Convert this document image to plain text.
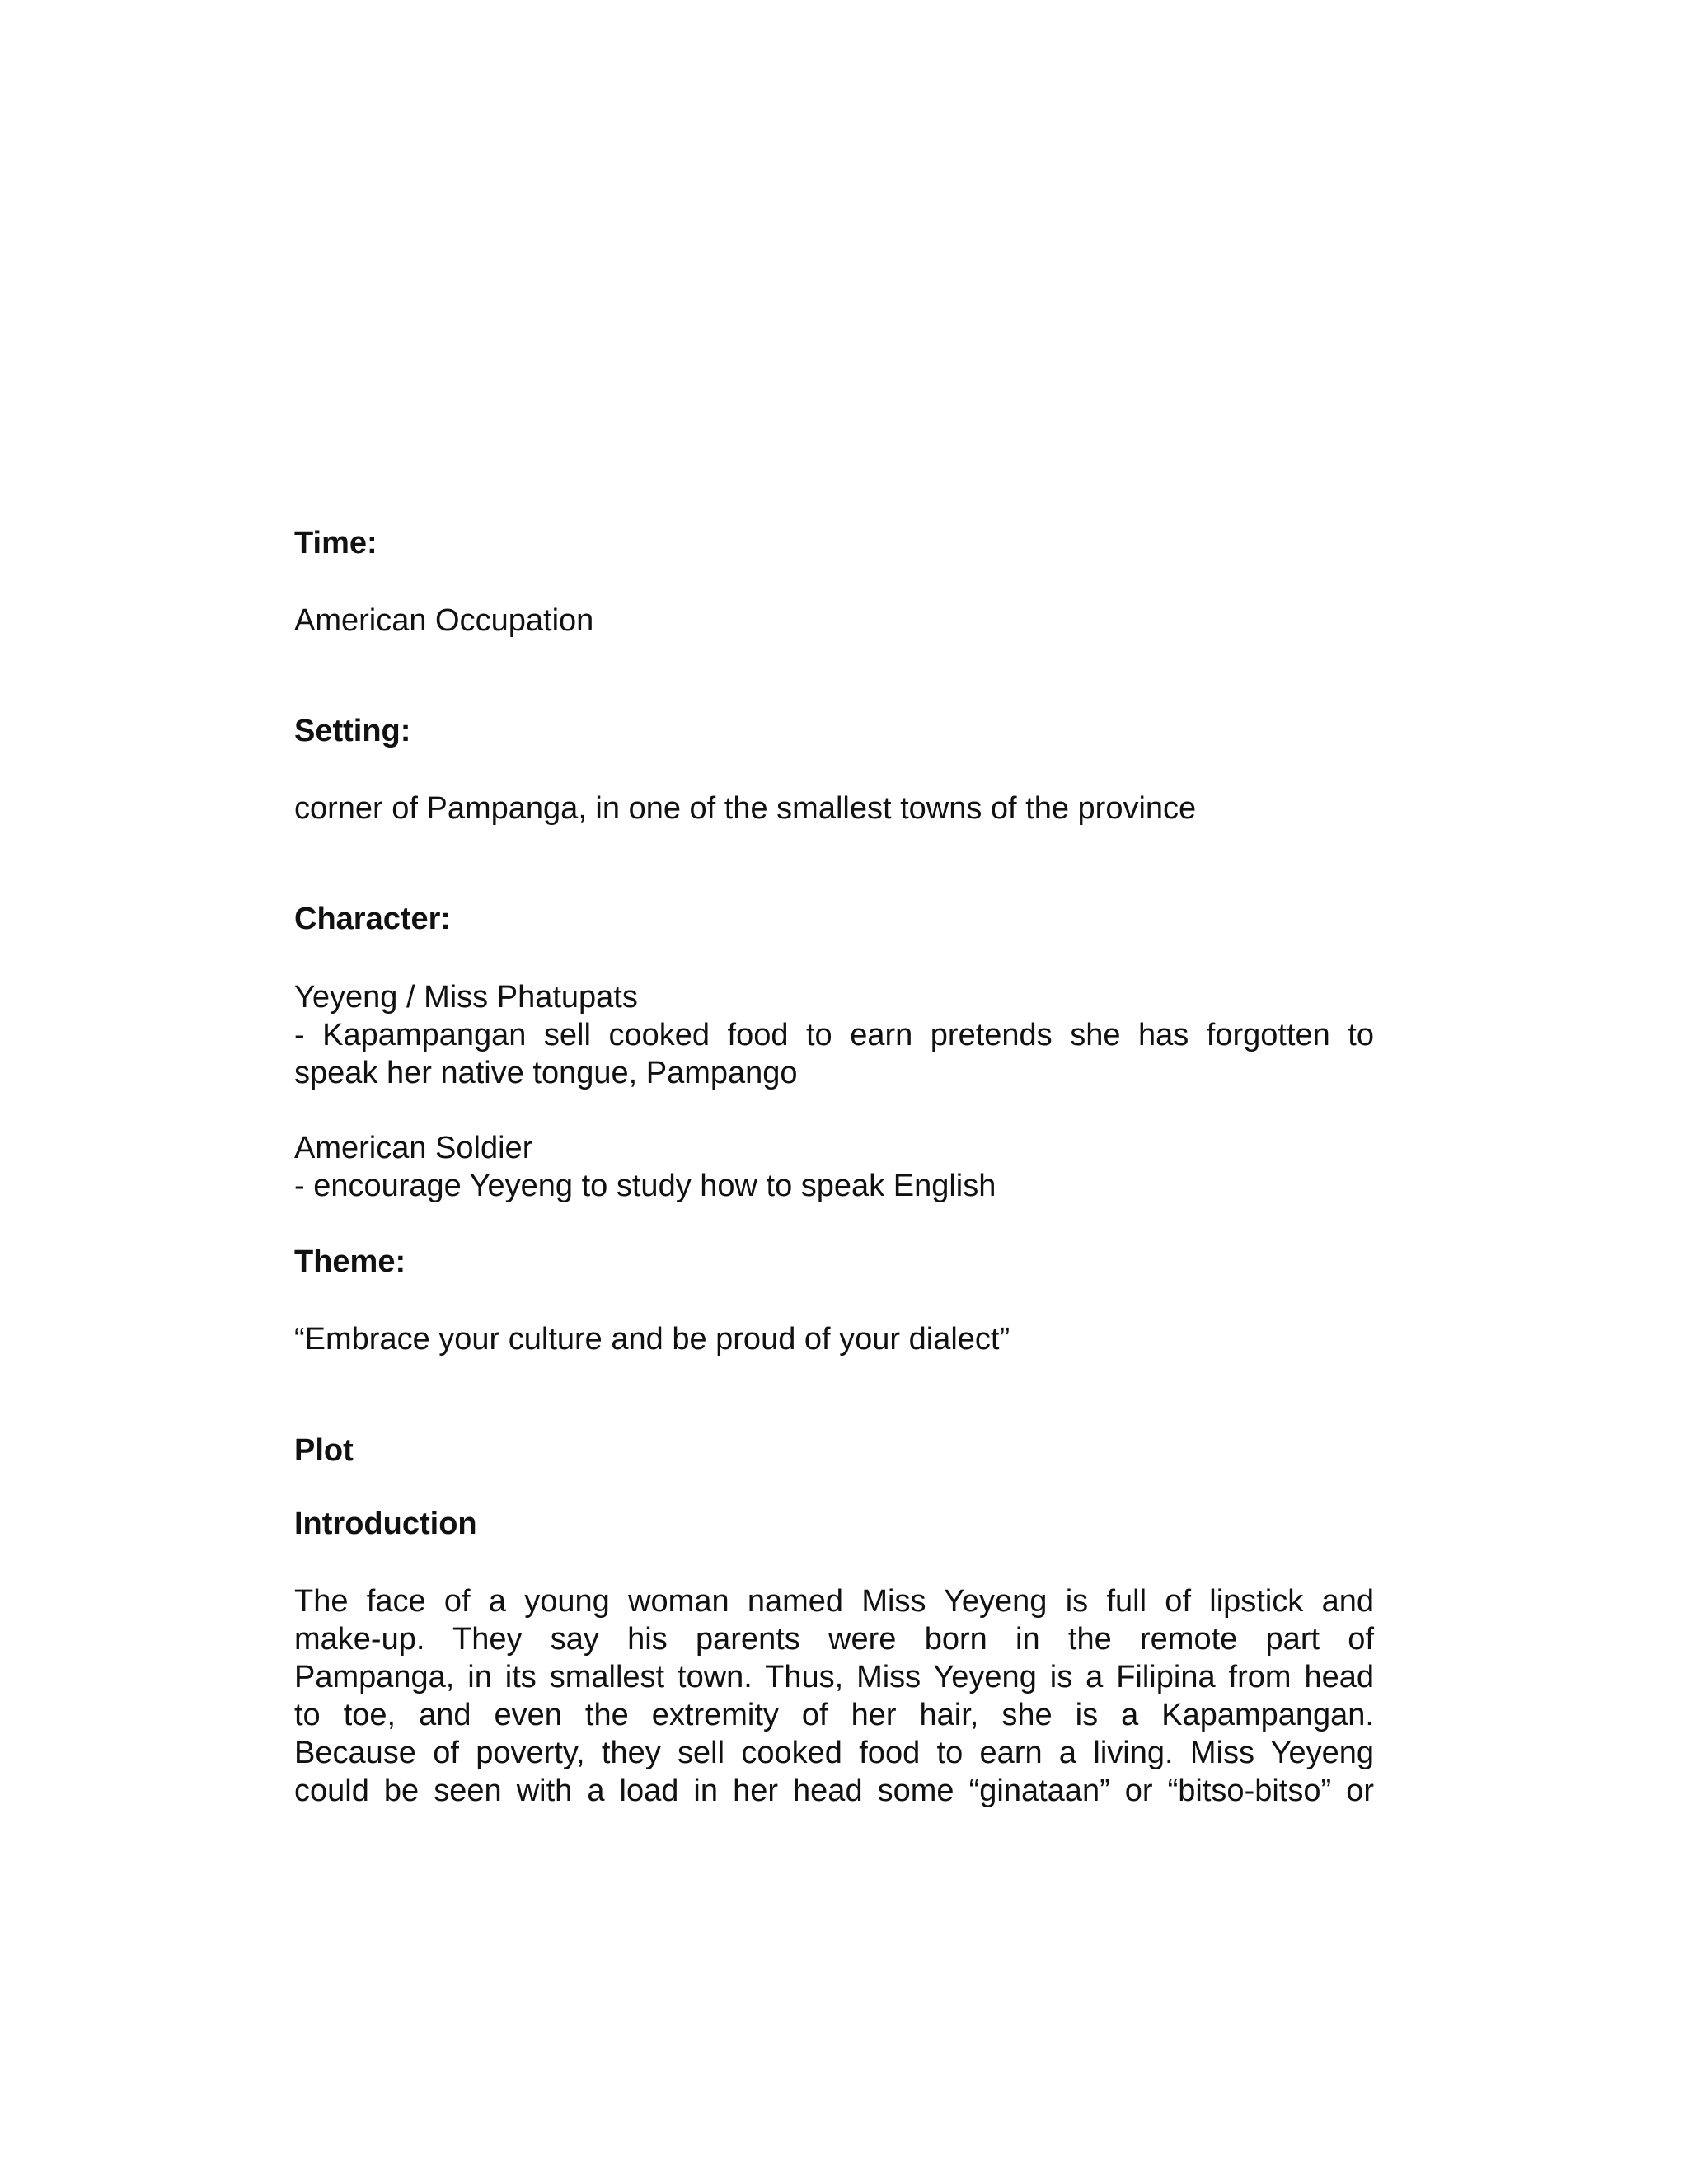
Time:

American Occupation

Setting:

corner of Pampanga, in one of the smallest towns of the province

Character:

Yeyeng / Miss Phatupats
- Kapampangan sell cooked food to earn pretends she has forgotten to
speak her native tongue, Pampango
American Soldier
- encourage Yeyeng to study how to speak English

Theme:

“Embrace your culture and be proud of your dialect”

Plot

Introduction

The face of a young woman named Miss Yeyeng is full of lipstick and
make-up. They say his parents were born in the remote part of
Pampanga, in its smallest town. Thus, Miss Yeyeng is a Filipina from head
to toe, and even the extremity of her hair, she is a Kapampangan.
Because of poverty, they sell cooked food to earn a living. Miss Yeyeng
could be seen with a load in her head some “ginataan” or “bitso-bitso” or
